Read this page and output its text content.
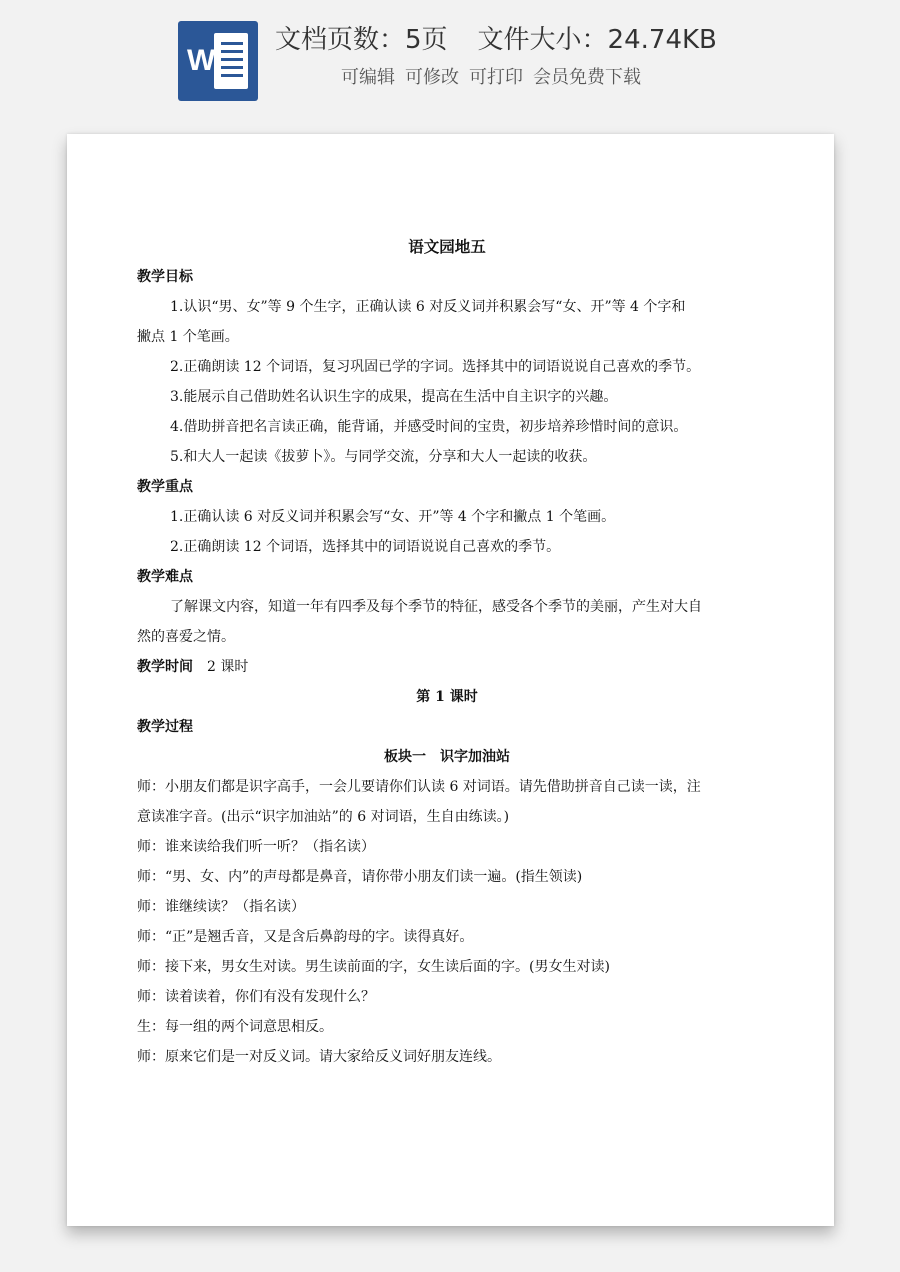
W
文档页数：5页 文件大小：24.74KB
可编辑 可修改 可打印 会员免费下载
语文园地五
教学目标
1.认识“男、女”等 9 个生字，正确认读 6 对反义词并积累会写“女、开”等 4 个字和
撇点 1 个笔画。
2.正确朗读 12 个词语，复习巩固已学的字词。选择其中的词语说说自己喜欢的季节。
3.能展示自己借助姓名认识生字的成果，提高在生活中自主识字的兴趣。
4.借助拼音把名言读正确，能背诵，并感受时间的宝贵，初步培养珍惜时间的意识。
5.和大人一起读《拔萝卜》。与同学交流，分享和大人一起读的收获。
教学重点
1.正确认读 6 对反义词并积累会写“女、开”等 4 个字和撇点 1 个笔画。
2.正确朗读 12 个词语，选择其中的词语说说自己喜欢的季节。
教学难点
了解课文内容，知道一年有四季及每个季节的特征，感受各个季节的美丽，产生对大自
然的喜爱之情。
教学时间 2 课时
第 1 课时
教学过程
板块一　识字加油站
师：小朋友们都是识字高手，一会儿要请你们认读 6 对词语。请先借助拼音自己读一读，注
意读准字音。(出示“识字加油站”的 6 对词语，生自由练读。)
师：谁来读给我们听一听？（指名读）
师：“男、女、内”的声母都是鼻音，请你带小朋友们读一遍。(指生领读)
师：谁继续读？（指名读）
师：“正”是翘舌音，又是含后鼻韵母的字。读得真好。
师：接下来，男女生对读。男生读前面的字，女生读后面的字。(男女生对读)
师：读着读着，你们有没有发现什么？
生：每一组的两个词意思相反。
师：原来它们是一对反义词。请大家给反义词好朋友连线。
